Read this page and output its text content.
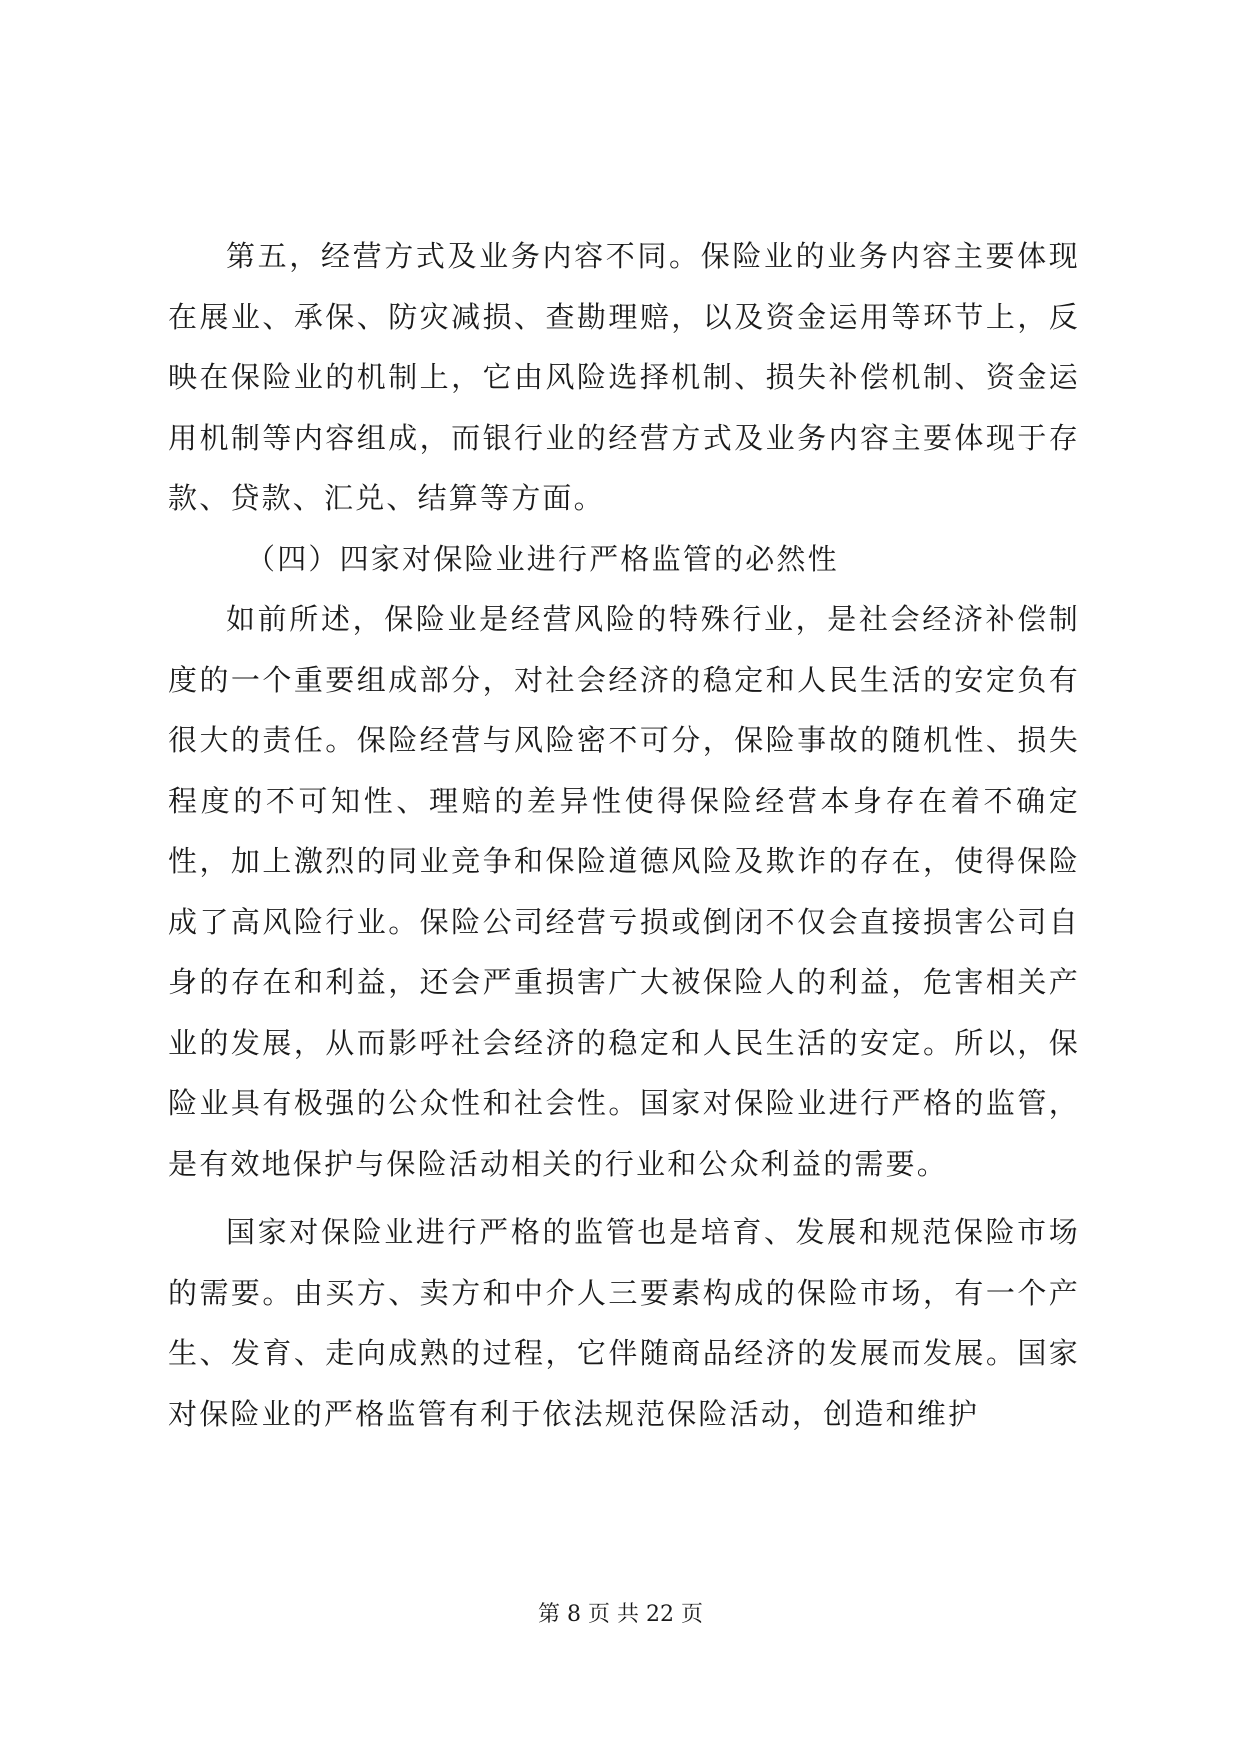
第五，经营方式及业务内容不同。保险业的业务内容主要体现在展业、承保、防灾减损、查勘理赔，以及资金运用等环节上，反映在保险业的机制上，它由风险选择机制、损失补偿机制、资金运用机制等内容组成，而银行业的经营方式及业务内容主要体现于存款、贷款、汇兑、结算等方面。

（四）四家对保险业进行严格监管的必然性

如前所述，保险业是经营风险的特殊行业，是社会经济补偿制度的一个重要组成部分，对社会经济的稳定和人民生活的安定负有很大的责任。保险经营与风险密不可分，保险事故的随机性、损失程度的不可知性、理赔的差异性使得保险经营本身存在着不确定性，加上激烈的同业竞争和保险道德风险及欺诈的存在，使得保险成了高风险行业。保险公司经营亏损或倒闭不仅会直接损害公司自身的存在和利益，还会严重损害广大被保险人的利益，危害相关产业的发展，从而影呼社会经济的稳定和人民生活的安定。所以，保险业具有极强的公众性和社会性。国家对保险业进行严格的监管，是有效地保护与保险活动相关的行业和公众利益的需要。

国家对保险业进行严格的监管也是培育、发展和规范保险市场的需要。由买方、卖方和中介人三要素构成的保险市场，有一个产生、发育、走向成熟的过程，它伴随商品经济的发展而发展。国家对保险业的严格监管有利于依法规范保险活动，创造和维护

第 8 页 共 22 页
